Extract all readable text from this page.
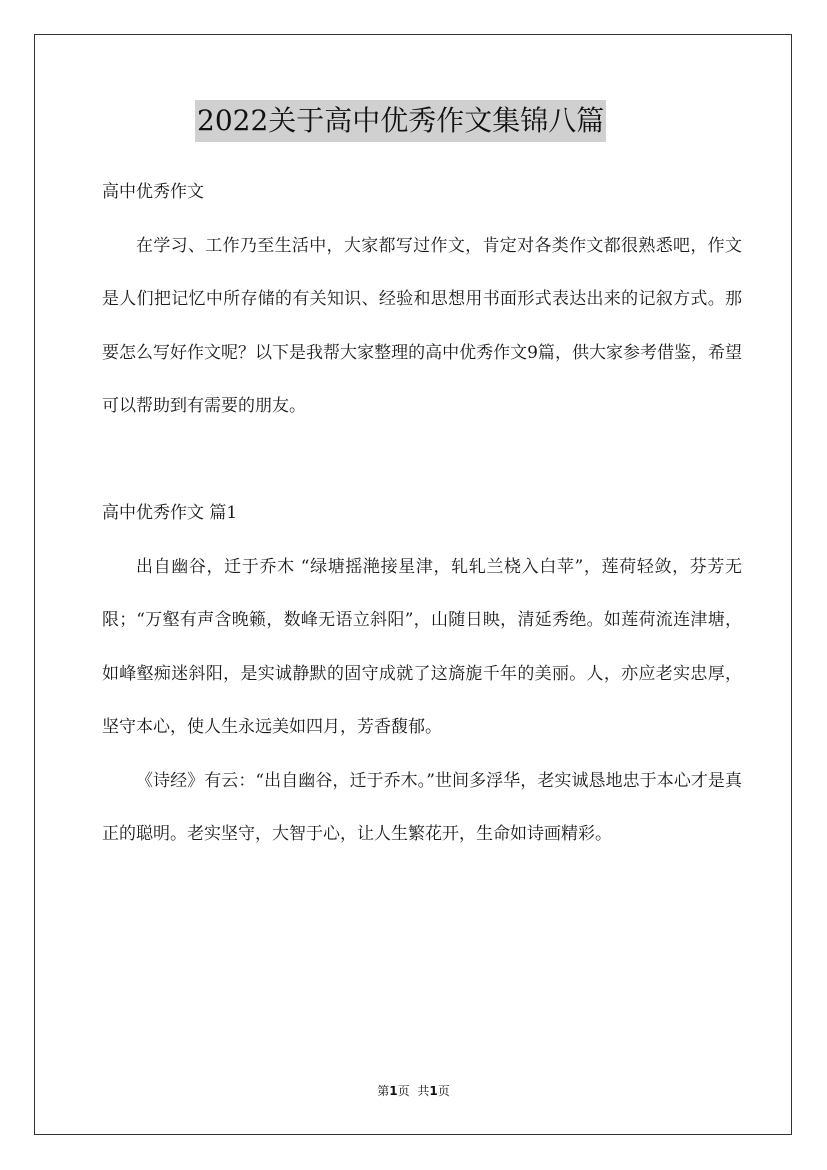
2022关于高中优秀作文集锦八篇

高中优秀作文

在学习、工作乃至生活中，大家都写过作文，肯定对各类作文都很熟悉吧，作文是人们把记忆中所存储的有关知识、经验和思想用书面形式表达出来的记叙方式。那要怎么写好作文呢？以下是我帮大家整理的高中优秀作文9篇，供大家参考借鉴，希望可以帮助到有需要的朋友。

高中优秀作文 篇1

出自幽谷，迁于乔木 “绿塘摇滟接星津，轧轧兰桡入白苹”，莲荷轻敛，芬芳无限；“万壑有声含晚籁，数峰无语立斜阳”，山随日眏，清延秀绝。如莲荷流连津塘，如峰壑痴迷斜阳，是实诚静默的固守成就了这旖旎千年的美丽。人，亦应老实忠厚，坚守本心，使人生永远美如四月，芳香馥郁。

《诗经》有云：“出自幽谷，迁于乔木。”世间多浮华，老实诚恳地忠于本心才是真正的聪明。老实坚守，大智于心，让人生繁花开，生命如诗画精彩。

第1页 共1页
